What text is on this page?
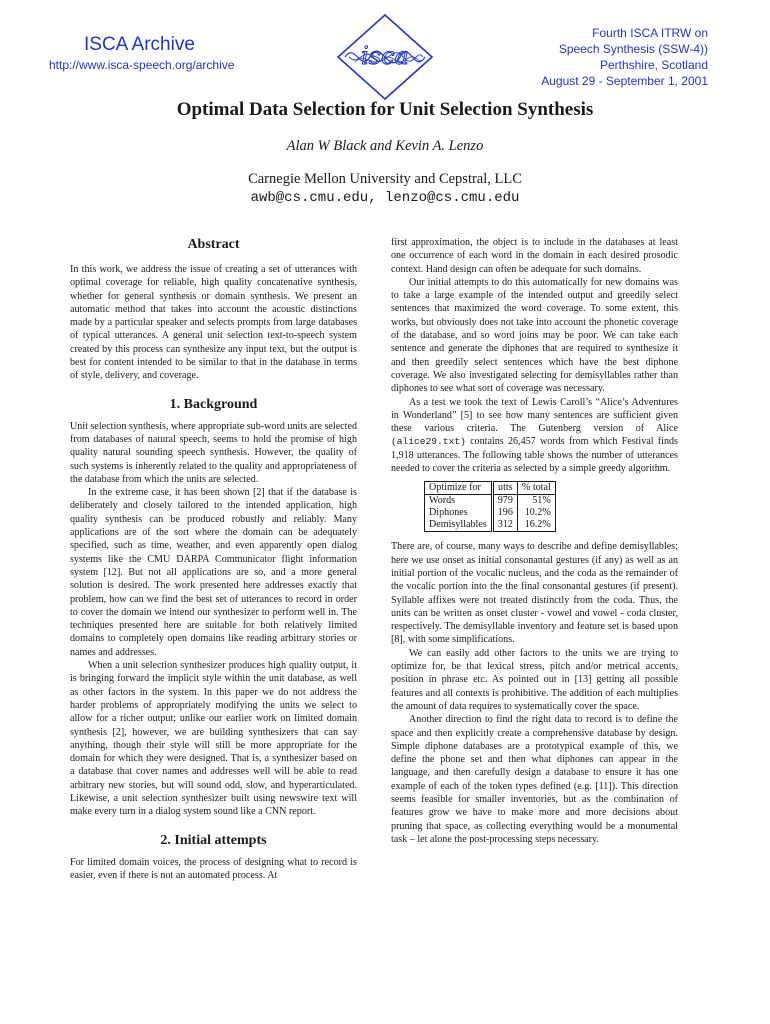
ISCA Archive
http://www.isca-speech.org/archive	isca
Fourth ISCA ITRW on
Speech Synthesis (SSW-4))
Perthshire, Scotland
August 29 - September 1, 2001
Optimal Data Selection for Unit Selection Synthesis
Alan W Black and Kevin A. Lenzo
Carnegie Mellon University and Cepstral, LLC
awb@cs.cmu.edu, lenzo@cs.cmu.edu
Abstract

In this work, we address the issue of creating a set of utterances with optimal coverage for reliable, high quality concatenative synthesis, whether for general synthesis or domain synthesis. We present an automatic method that takes into account the acoustic distinctions made by a particular speaker and selects prompts from large databases of typical utterances. A general unit selection text-to-speech system created by this process can synthesize any input text, but the output is best for content intended to be similar to that in the database in terms of style, delivery, and coverage.

1. Background

Unit selection synthesis, where appropriate sub-word units are selected from databases of natural speech, seems to hold the promise of high quality natural sounding speech synthesis. However, the quality of such systems is inherently related to the quality and appropriateness of the database from which the units are selected.

In the extreme case, it has been shown [2] that if the database is deliberately and closely tailored to the intended application, high quality synthesis can be produced robustly and reliably. Many applications are of the sort where the domain can be adequately specified, such as time, weather, and even apparently open dialog systems like the CMU DARPA Communicator flight information system [12]. But not all applications are so, and a more general solution is desired. The work presented here addresses exactly that problem, how can we find the best set of utterances to record in order to cover the domain we intend our synthesizer to perform well in. The techniques presented here are suitable for both relatively limited domains to completely open domains like reading arbitrary stories or names and addresses.

When a unit selection synthesizer produces high quality output, it is bringing forward the implicit style within the unit database, as well as other factors in the system. In this paper we do not address the harder problems of appropriately modifying the units we select to allow for a richer output; unlike our earlier work on limited domain synthesis [2], however, we are building synthesizers that can say anything, though their style will still be more appropriate for the domain for which they were designed. That is, a synthesizer based on a database that cover names and addresses well will be able to read arbitrary new stories, but will sound odd, slow, and hyperarticulated. Likewise, a unit selection synthesizer built using newswire text will make every turn in a dialog system sound like a CNN report.

2. Initial attempts

For limited domain voices, the process of designing what to record is easier, even if there is not an automated process. At

first approximation, the object is to include in the databases at least one occurrence of each word in the domain in each desired prosodic context. Hand design can often be adequate for such domains.

Our initial attempts to do this automatically for new domains was to take a large example of the intended output and greedily select sentences that maximized the word coverage. To some extent, this works, but obviously does not take into account the phonetic coverage of the database, and so word joins may be poor. We can take each sentence and generate the diphones that are required to synthesize it and then greedily select sentences which have the best diphone coverage. We also investigated selecting for demisyllables rather than diphones to see what sort of coverage was necessary.

As a test we took the text of Lewis Caroll’s “Alice’s Adventures in Wonderland” [5] to see how many sentences are sufficient given these various criteria. The Gutenberg version of Alice (alice29.txt) contains 26,457 words from which Festival finds 1,918 utterances. The following table shows the number of utterances needed to cover the criteria as selected by a simple greedy algorithm.

Optimize for	utts	% total
Words	979	51%
Diphones	196	10.2%
Demisyllables	312	16.2%

There are, of course, many ways to describe and define demisyllables; here we use onset as initial consonantal gestures (if any) as well as an initial portion of the vocalic nucleus, and the coda as the remainder of the vocalic portion into the the final consonantal gestures (if present). Syllable affixes were not treated distinctly from the coda. Thus, the units can be written as onset cluster - vowel and vowel - coda cluster, respectively. The demisyllable inventory and feature set is based upon [8], with some simplifications.

We can easily add other factors to the units we are trying to optimize for, be that lexical stress, pitch and/or metrical accents, position in phrase etc. As pointed out in [13] getting all possible features and all contexts is prohibitive. The addition of each multiplies the amount of data requires to systematically cover the space.

Another direction to find the right data to record is to define the space and then explicitly create a comprehensive database by design. Simple diphone databases are a prototypical example of this, we define the phone set and then what diphones can appear in the language, and then carefully design a database to ensure it has one example of each of the token types defined (e.g. [11]). This direction seems feasible for smaller inventories, but as the combination of features grow we have to make more and more decisions about pruning that space, as collecting everything would be a monumental task – let alone the post-processing steps necessary.
